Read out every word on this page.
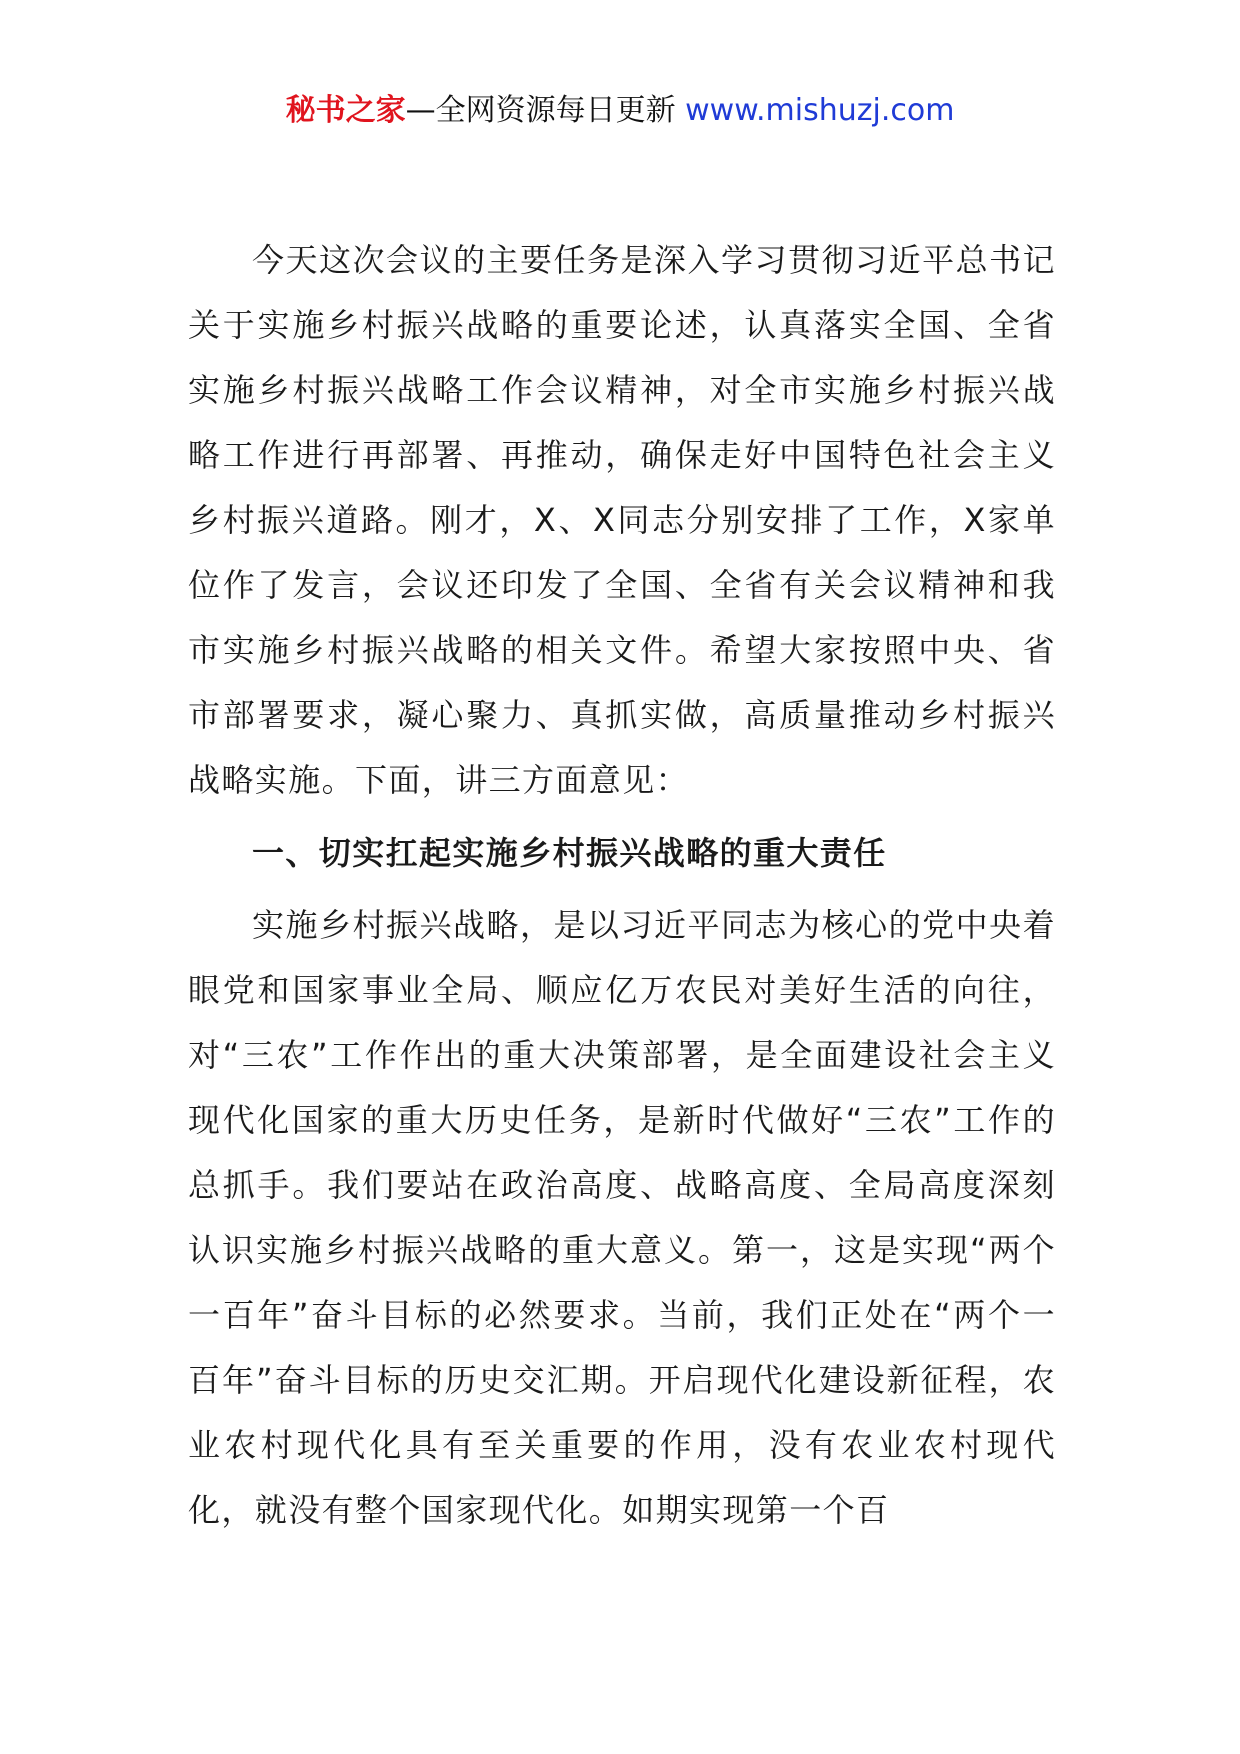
秘书之家—全网资源每日更新 www.mishuzj.com

今天这次会议的主要任务是深入学习贯彻习近平总书记关于实施乡村振兴战略的重要论述，认真落实全国、全省实施乡村振兴战略工作会议精神，对全市实施乡村振兴战略工作进行再部署、再推动，确保走好中国特色社会主义乡村振兴道路。刚才，X、X同志分别安排了工作，X家单位作了发言，会议还印发了全国、全省有关会议精神和我市实施乡村振兴战略的相关文件。希望大家按照中央、省市部署要求，凝心聚力、真抓实做，高质量推动乡村振兴战略实施。下面，讲三方面意见：

一、切实扛起实施乡村振兴战略的重大责任

实施乡村振兴战略，是以习近平同志为核心的党中央着眼党和国家事业全局、顺应亿万农民对美好生活的向往，对“三农”工作作出的重大决策部署，是全面建设社会主义现代化国家的重大历史任务，是新时代做好“三农”工作的总抓手。我们要站在政治高度、战略高度、全局高度深刻认识实施乡村振兴战略的重大意义。第一，这是实现“两个一百年”奋斗目标的必然要求。当前，我们正处在“两个一百年”奋斗目标的历史交汇期。开启现代化建设新征程，农业农村现代化具有至关重要的作用，没有农业农村现代化，就没有整个国家现代化。如期实现第一个百
